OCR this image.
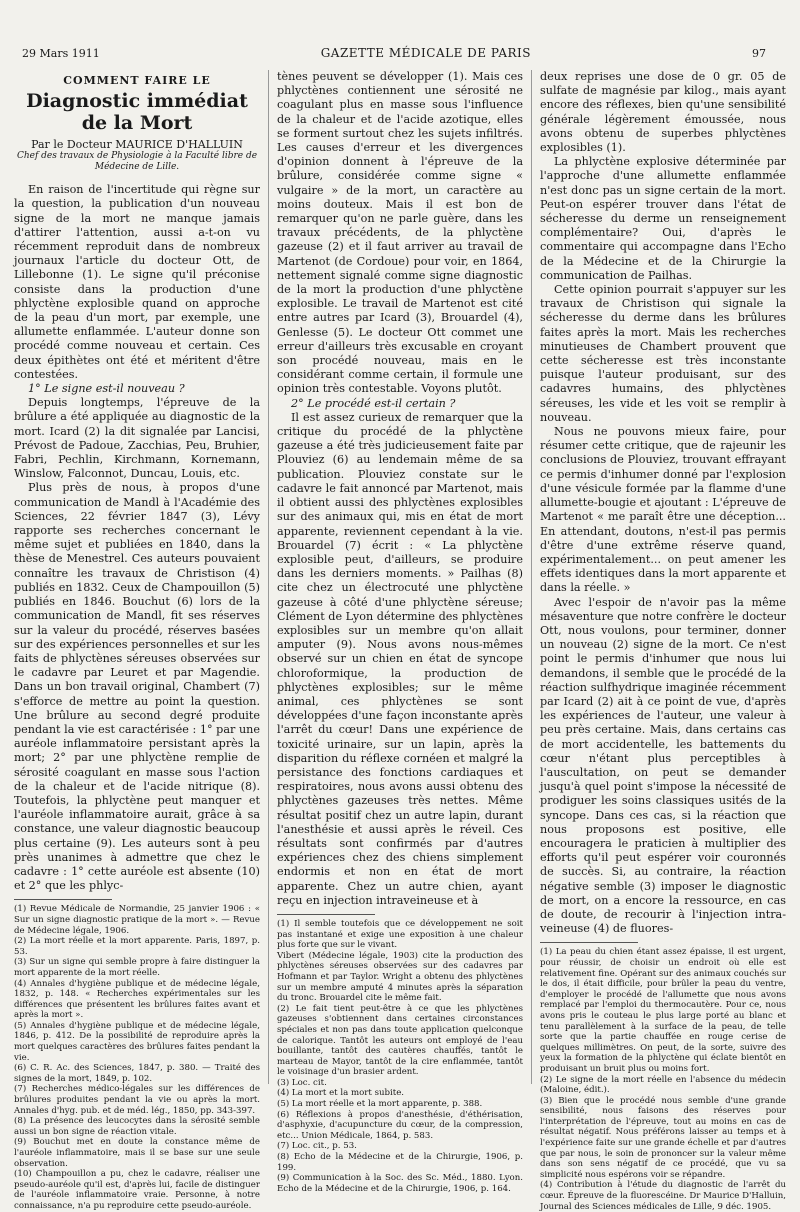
29 Mars 1911	GAZETTE MÉDICALE DE PARIS	97
COMMENT FAIRE LE
Diagnostic immédiat de la Mort
Par le Docteur MAURICE D'HALLUIN
Chef des travaux de Physiologie à la Faculté libre de Médecine de Lille.

En raison de l'incertitude qui règne sur la question, la publication d'un nouveau signe de la mort ne manque jamais d'attirer l'attention, aussi a-t-on vu récemment reproduit dans de nombreux journaux l'article du docteur Ott, de Lillebonne (1). Le signe qu'il préconise consiste dans la production d'une phlyctène explosible quand on approche de la peau d'un mort, par exemple, une allumette enflammée. L'auteur donne son procédé comme nouveau et certain. Ces deux épithètes ont été et méritent d'être contestées.

1° Le signe est-il nouveau ?

Depuis longtemps, l'épreuve de la brûlure a été appliquée au diagnostic de la mort. Icard (2) la dit signalée par Lancisi, Prévost de Padoue, Zacchias, Peu, Bruhier, Fabri, Pechlin, Kirchmann, Kornemann, Winslow, Falconnot, Duncau, Louis, etc.

Plus près de nous, à propos d'une communication de Mandl à l'Académie des Sciences, 22 février 1847 (3), Lévy rapporte ses recherches concernant le même sujet et publiées en 1840, dans la thèse de Menestrel. Ces auteurs pouvaient connaître les travaux de Christison (4) publiés en 1832. Ceux de Champouillon (5) publiés en 1846. Bouchut (6) lors de la communication de Mandl, fit ses réserves sur la valeur du procédé, réserves basées sur des expériences personnelles et sur les faits de phlyctènes séreuses observées sur le cadavre par Leuret et par Magendie. Dans un bon travail original, Chambert (7) s'efforce de mettre au point la question. Une brûlure au second degré produite pendant la vie est caractérisée : 1° par une auréole inflammatoire persistant après la mort; 2° par une phlyctène remplie de sérosité coagulant en masse sous l'action de la chaleur et de l'acide nitrique (8). Toutefois, la phlyctène peut manquer et l'auréole inflammatoire aurait, grâce à sa constance, une valeur diagnostic beaucoup plus certaine (9). Les auteurs sont à peu près unanimes à admettre que chez le cadavre : 1° cette auréole est absente (10) et 2° que les phlyc-

(1) Revue Médicale de Normandie, 25 janvier 1906 : « Sur un signe diagnostic pratique de la mort ». — Revue de Médecine légale, 1906.

(2) La mort réelle et la mort apparente. Paris, 1897, p. 53.

(3) Sur un signe qui semble propre à faire distinguer la mort apparente de la mort réelle.

(4) Annales d'hygiène publique et de médecine légale, 1832, p. 148. « Recherches expérimentales sur les différences que présentent les brûlures faites avant et après la mort ».

(5) Annales d'hygiène publique et de médecine légale, 1846, p. 412. De la possibilité de reproduire après la mort quelques caractères des brûlures faites pendant la vie.

(6) C. R. Ac. des Sciences, 1847, p. 380. — Traité des signes de la mort, 1849, p. 102.

(7) Recherches médico-légales sur les différences de brûlures produites pendant la vie ou après la mort. Annales d'hyg. pub. et de méd. lég., 1850, pp. 343-397.

(8) La présence des leucocytes dans la sérosité semble aussi un bon signe de réaction vitale.

(9) Bouchut met en doute la constance même de l'auréole inflammatoire, mais il se base sur une seule observation.

(10) Champouillon a pu, chez le cadavre, réaliser une pseudo-auréole qu'il est, d'après lui, facile de distinguer de l'auréole inflammatoire vraie. Personne, à notre connaissance, n'a pu reproduire cette pseudo-auréole.

tènes peuvent se développer (1). Mais ces phlyctènes contiennent une sérosité ne coagulant plus en masse sous l'influence de la chaleur et de l'acide azotique, elles se forment surtout chez les sujets infiltrés. Les causes d'erreur et les divergences d'opinion donnent à l'épreuve de la brûlure, considérée comme signe « vulgaire » de la mort, un caractère au moins douteux. Mais il est bon de remarquer qu'on ne parle guère, dans les travaux précédents, de la phlyctène gazeuse (2) et il faut arriver au travail de Martenot (de Cordoue) pour voir, en 1864, nettement signalé comme signe diagnostic de la mort la production d'une phlyctène explosible. Le travail de Martenot est cité entre autres par Icard (3), Brouardel (4), Genlesse (5). Le docteur Ott commet une erreur d'ailleurs très excusable en croyant son procédé nouveau, mais en le considérant comme certain, il formule une opinion très contestable. Voyons plutôt.

2° Le procédé est-il certain ?

Il est assez curieux de remarquer que la critique du procédé de la phlyctène gazeuse a été très judicieusement faite par Plouviez (6) au lendemain même de sa publication. Plouviez constate sur le cadavre le fait annoncé par Martenot, mais il obtient aussi des phlyctènes explosibles sur des animaux qui, mis en état de mort apparente, reviennent cependant à la vie. Brouardel (7) écrit : « La phlyctène explosible peut, d'ailleurs, se produire dans les derniers moments. » Pailhas (8) cite chez un électrocuté une phlyctène gazeuse à côté d'une phlyctène séreuse; Clément de Lyon détermine des phlyctènes explosibles sur un membre qu'on allait amputer (9). Nous avons nous-mêmes observé sur un chien en état de syncope chloroformique, la production de phlyctènes explosibles; sur le même animal, ces phlyctènes se sont développées d'une façon inconstante après l'arrêt du cœur! Dans une expérience de toxicité urinaire, sur un lapin, après la disparition du réflexe cornéen et malgré la persistance des fonctions cardiaques et respiratoires, nous avons aussi obtenu des phlyctènes gazeuses très nettes. Même résultat positif chez un autre lapin, durant l'anesthésie et aussi après le réveil. Ces résultats sont confirmés par d'autres expériences chez des chiens simplement endormis et non en état de mort apparente. Chez un autre chien, ayant reçu en injection intraveineuse et à

(1) Il semble toutefois que ce développement ne soit pas instantané et exige une exposition à une chaleur plus forte que sur le vivant.

Vibert (Médecine légale, 1903) cite la production des phlyctènes séreuses observées sur des cadavres par Hofmann et par Taylor. Wright a obtenu des phlyctènes sur un membre amputé 4 minutes après la séparation du tronc. Brouardel cite le même fait.

(2) Le fait tient peut-être à ce que les phlyctènes gazeuses s'obtiennent dans certaines circonstances spéciales et non pas dans toute application quelconque de calorique. Tantôt les auteurs ont employé de l'eau bouillante, tantôt des cautères chauffés, tantôt le marteau de Mayor, tantôt de la cire enflammée, tantôt le voisinage d'un brasier ardent.

(3) Loc. cit.

(4) La mort et la mort subite.

(5) La mort réelle et la mort apparente, p. 388.

(6) Réflexions à propos d'anesthésie, d'éthérisation, d'asphyxie, d'acupuncture du cœur, de la compression, etc... Union Médicale, 1864, p. 583.

(7) Loc. cit., p. 53.

(8) Echo de la Médecine et de la Chirurgie, 1906, p. 199.

(9) Communication à la Soc. des Sc. Méd., 1880. Lyon. Echo de la Médecine et de la Chirurgie, 1906, p. 164.

deux reprises une dose de 0 gr. 05 de sulfate de magnésie par kilog., mais ayant encore des réflexes, bien qu'une sensibilité générale légèrement émoussée, nous avons obtenu de superbes phlyctènes explosibles (1).

La phlyctène explosive déterminée par l'approche d'une allumette enflammée n'est donc pas un signe certain de la mort. Peut-on espérer trouver dans l'état de sécheresse du derme un renseignement complémentaire? Oui, d'après le commentaire qui accompagne dans l'Echo de la Médecine et de la Chirurgie la communication de Pailhas.

Cette opinion pourrait s'appuyer sur les travaux de Christison qui signale la sécheresse du derme dans les brûlures faites après la mort. Mais les recherches minutieuses de Chambert prouvent que cette sécheresse est très inconstante puisque l'auteur produisant, sur des cadavres humains, des phlyctènes séreuses, les vide et les voit se remplir à nouveau.

Nous ne pouvons mieux faire, pour résumer cette critique, que de rajeunir les conclusions de Plouviez, trouvant effrayant ce permis d'inhumer donné par l'explosion d'une vésicule formée par la flamme d'une allumette-bougie et ajoutant : L'épreuve de Martenot « me paraît être une déception... En attendant, doutons, n'est-il pas permis d'être d'une extrême réserve quand, expérimentalement... on peut amener les effets identiques dans la mort apparente et dans la réelle. »

Avec l'espoir de n'avoir pas la même mésaventure que notre confrère le docteur Ott, nous voulons, pour terminer, donner un nouveau (2) signe de la mort. Ce n'est point le permis d'inhumer que nous lui demandons, il semble que le procédé de la réaction sulfhydrique imaginée récemment par Icard (2) ait à ce point de vue, d'après les expériences de l'auteur, une valeur à peu près certaine. Mais, dans certains cas de mort accidentelle, les battements du cœur n'étant plus perceptibles à l'auscultation, on peut se demander jusqu'à quel point s'impose la nécessité de prodiguer les soins classiques usités de la syncope. Dans ces cas, si la réaction que nous proposons est positive, elle encouragera le praticien à multiplier des efforts qu'il peut espérer voir couronnés de succès. Si, au contraire, la réaction négative semble (3) imposer le diagnostic de mort, on a encore la ressource, en cas de doute, de recourir à l'injection intra-veineuse (4) de fluores-

(1) La peau du chien étant assez épaisse, il est urgent, pour réussir, de choisir un endroit où elle est relativement fine. Opérant sur des animaux couchés sur le dos, il était difficile, pour brûler la peau du ventre, d'employer le procédé de l'allumette que nous avons remplacé par l'emploi du thermocautère. Pour ce, nous avons pris le couteau le plus large porté au blanc et tenu parallèlement à la surface de la peau, de telle sorte que la partie chauffée en rouge cerise de quelques millimètres. On peut, de la sorte, suivre des yeux la formation de la phlyctène qui éclate bientôt en produisant un bruit plus ou moins fort.

(2) Le signe de la mort réelle en l'absence du médecin (Maloine, édit.).

(3) Bien que le procédé nous semble d'une grande sensibilité, nous faisons des réserves pour l'interprétation de l'épreuve, tout au moins en cas de résultat négatif. Nous préférons laisser au temps et à l'expérience faite sur une grande échelle et par d'autres que par nous, le soin de prononcer sur la valeur même dans son sens négatif de ce procédé, que vu sa simplicité nous espérons voir se répandre.

(4) Contribution à l'étude du diagnostic de l'arrêt du cœur. Épreuve de la fluorescéine. Dr Maurice D'Halluin, Journal des Sciences médicales de Lille, 9 déc. 1905.
